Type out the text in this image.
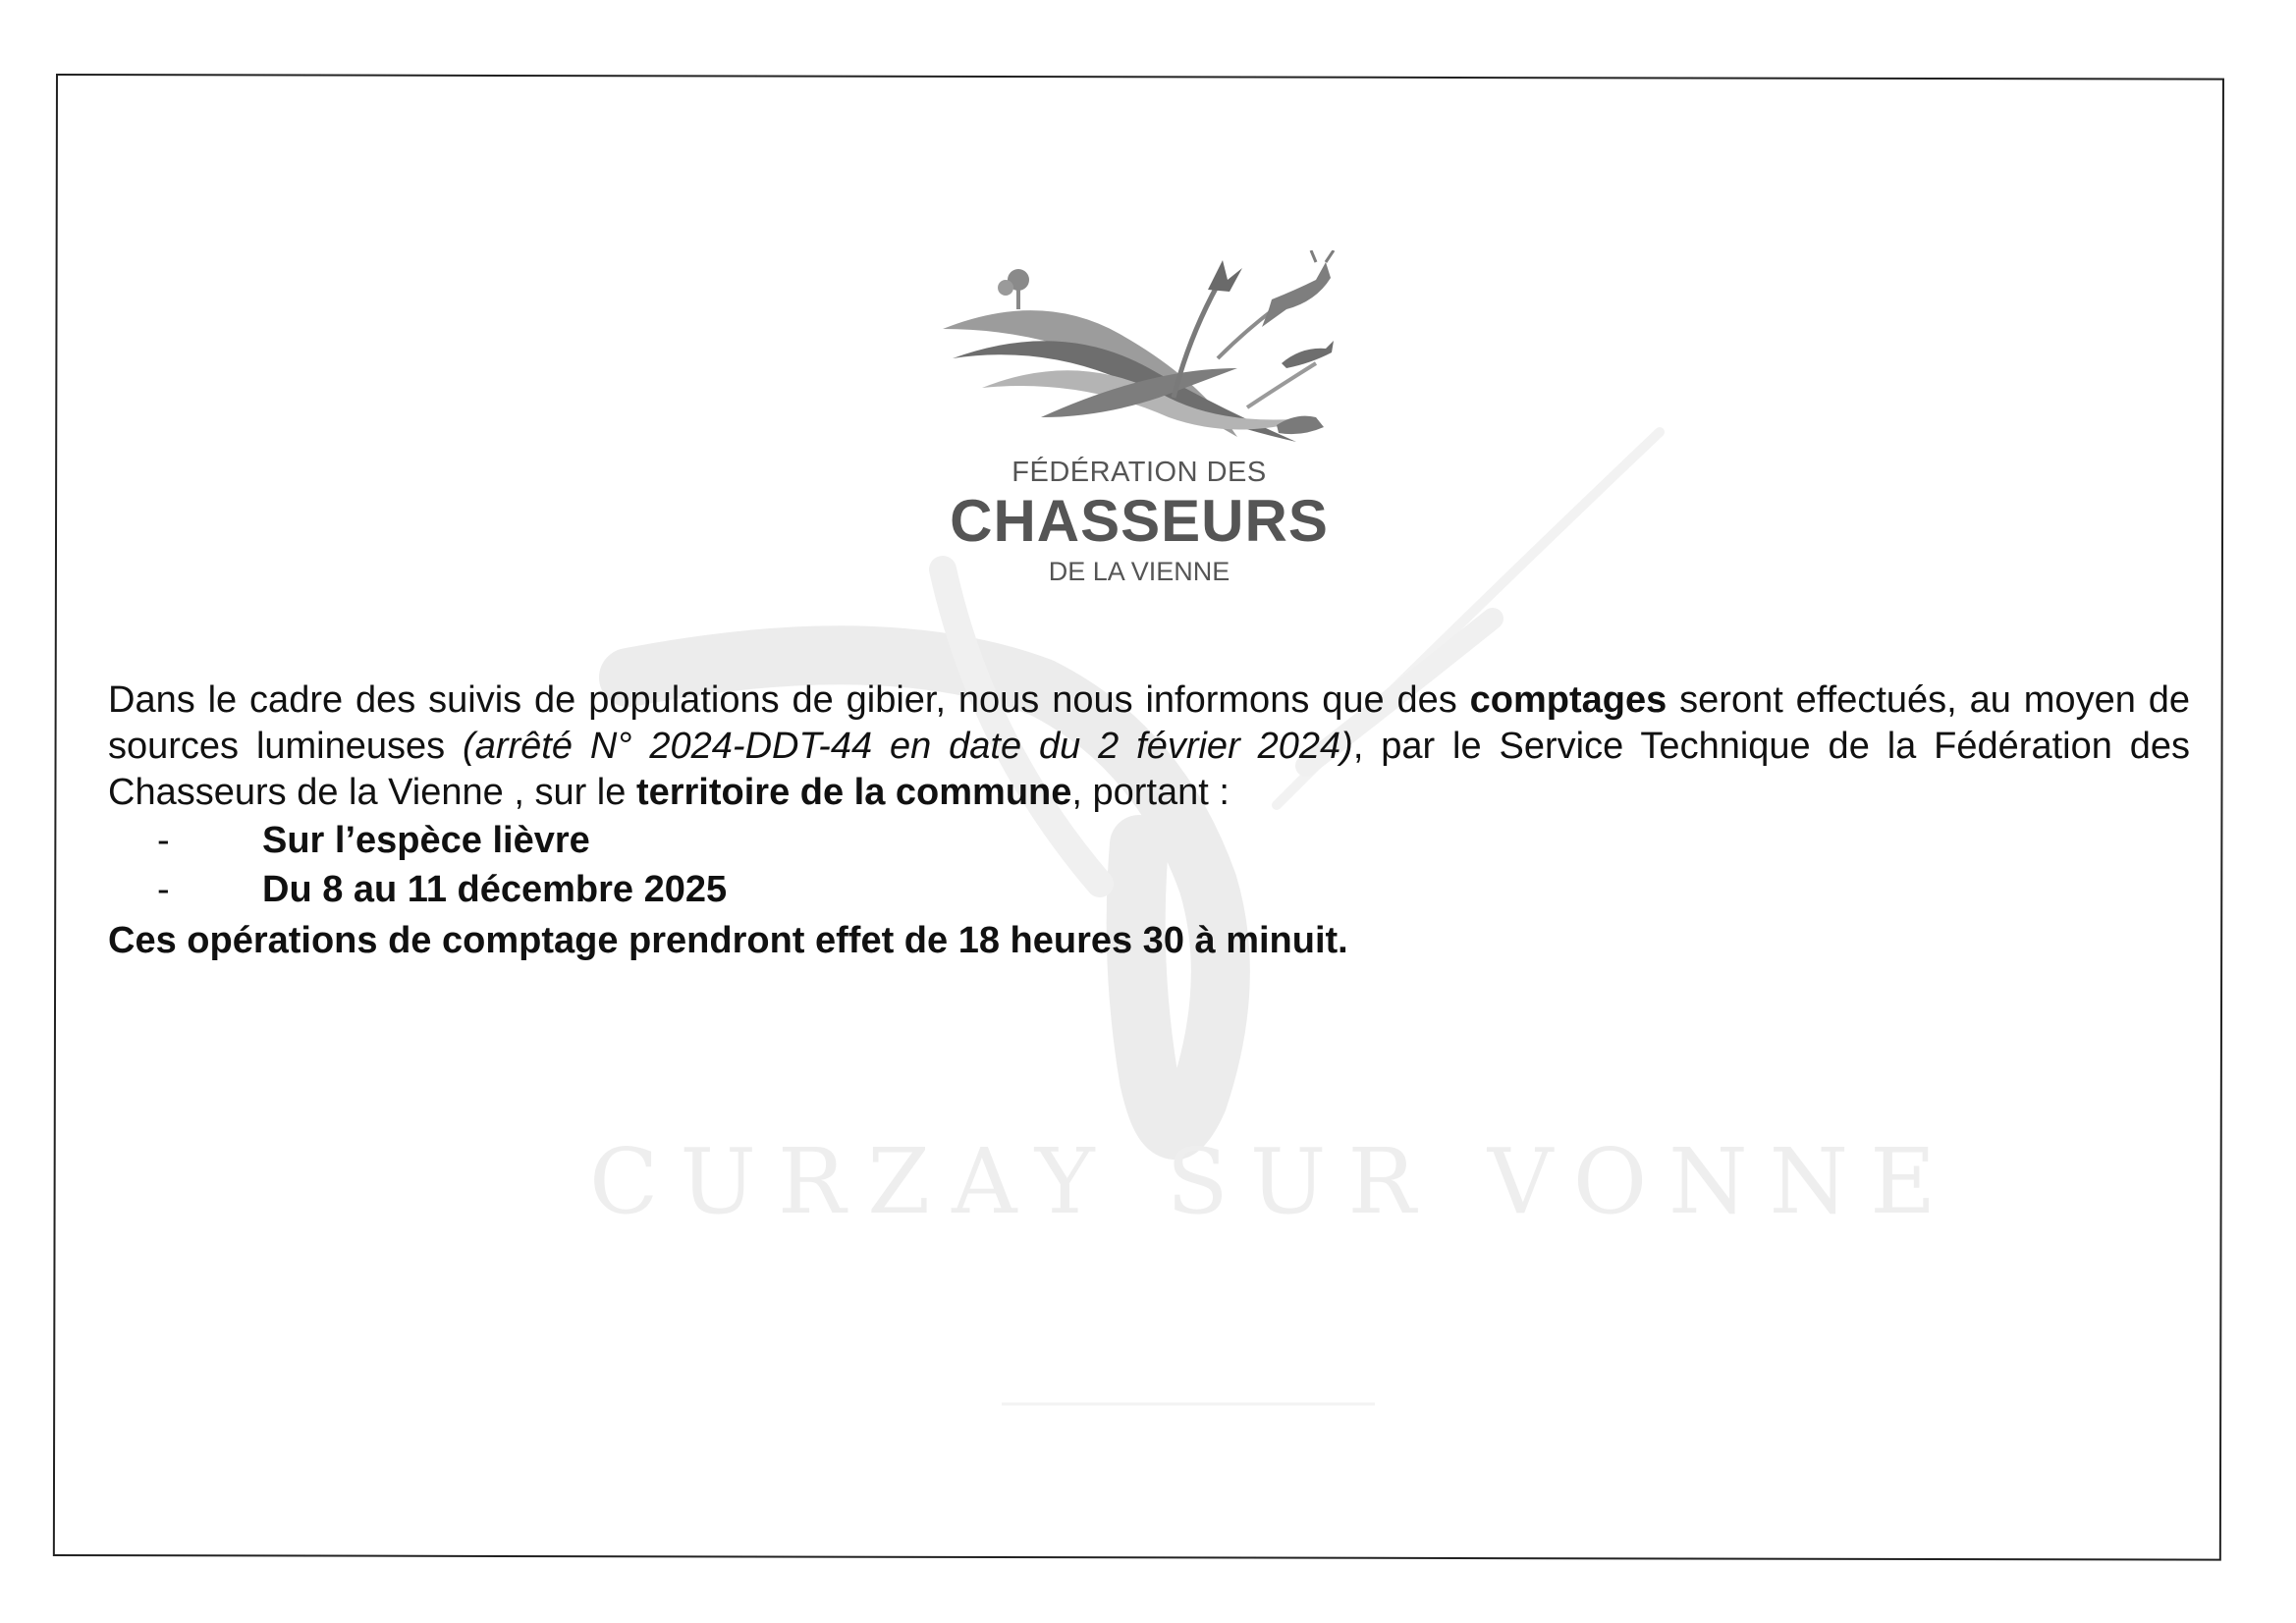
CURZAY SUR VONNE
FÉDÉRATION DES
CHASSEURS
DE LA VIENNE

Dans le cadre des suivis de populations de gibier, nous nous informons que des comptages seront effectués, au moyen de sources lumineuses (arrêté N° 2024-DDT-44 en date du 2 février 2024), par le Service Technique de la Fédération des Chasseurs de la Vienne , sur le territoire de la commune, portant :

- Sur l’espèce lièvre
- Du 8 au 11 décembre 2025

Ces opérations de comptage prendront effet de 18 heures 30 à minuit.
